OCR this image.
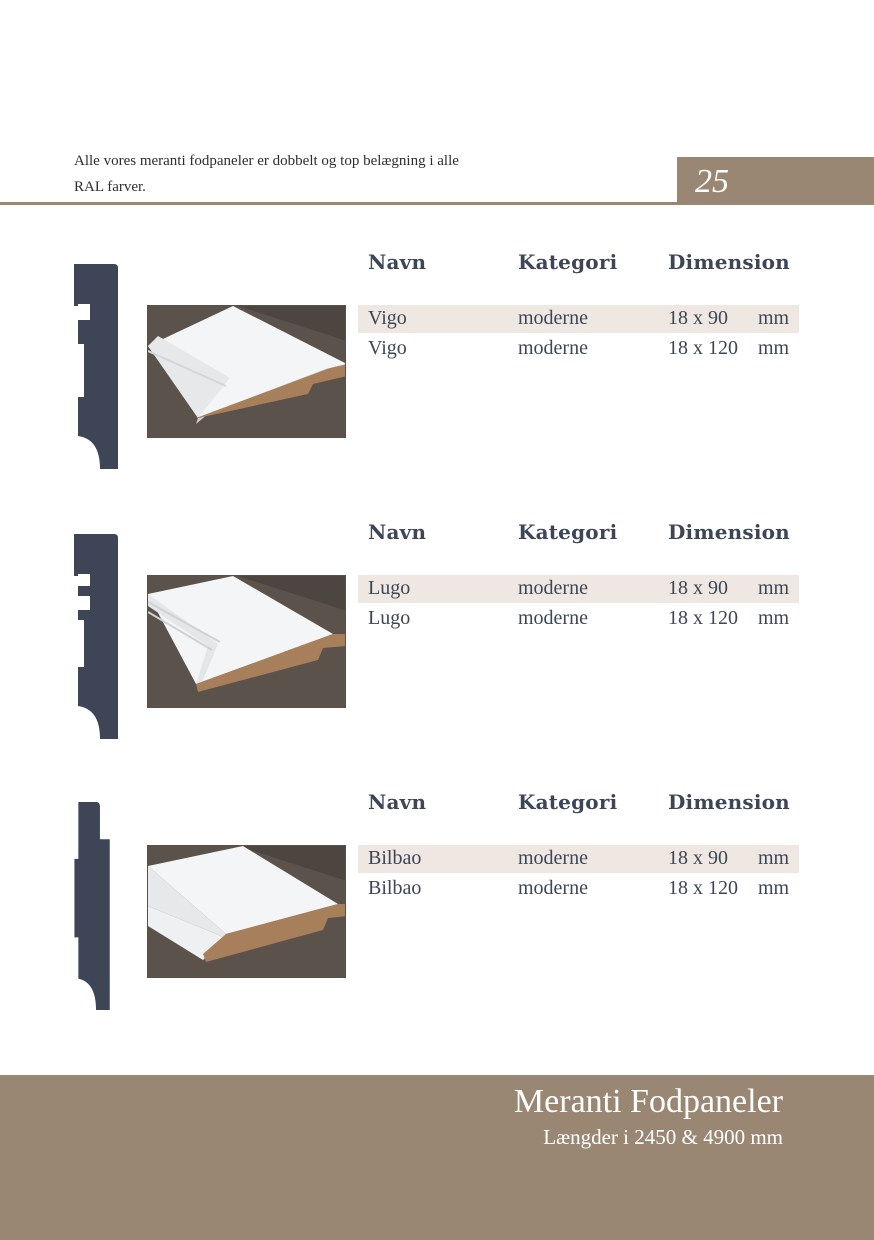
Alle vores meranti fodpaneler er dobbelt og top belægning i alle
RAL farver.	25
Navn	Kategori	Dimension
Vigo	moderne	18 x 90 mm
Vigo	moderne	18 x 120 mm
Navn	Kategori	Dimension
Lugo	moderne	18 x 90 mm
Lugo	moderne	18 x 120 mm
Navn	Kategori	Dimension
Bilbao	moderne	18 x 90 mm
Bilbao	moderne	18 x 120 mm
Meranti Fodpaneler
Længder i 2450 & 4900 mm
